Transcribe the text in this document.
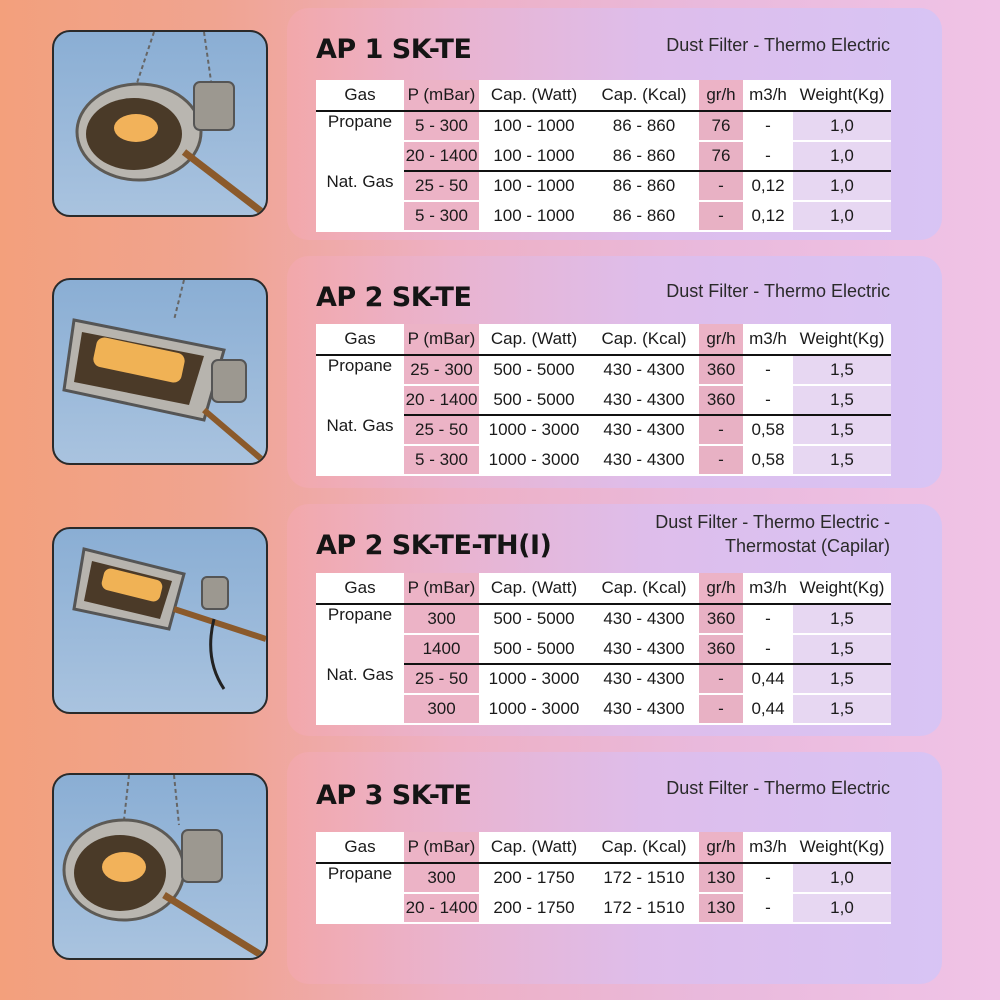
AP 1 SK-TE	Dust Filter - Thermo Electric
Gas	P (mBar)	Cap. (Watt)	Cap. (Kcal)	gr/h	m3/h	Weight(Kg)
Propane	5 - 300	100 - 1000	86 - 860	76	-	1,0
	20 - 1400	100 - 1000	86 - 860	76	-	1,0
Nat. Gas	25 - 50	100 - 1000	86 - 860	-	0,12	1,0
	5 - 300	100 - 1000	86 - 860	-	0,12	1,0
AP 2 SK-TE	Dust Filter - Thermo Electric
Gas	P (mBar)	Cap. (Watt)	Cap. (Kcal)	gr/h	m3/h	Weight(Kg)
Propane	25 - 300	500 - 5000	430 - 4300	360	-	1,5
	20 - 1400	500 - 5000	430 - 4300	360	-	1,5
Nat. Gas	25 - 50	1000 - 3000	430 - 4300	-	0,58	1,5
	5 - 300	1000 - 3000	430 - 4300	-	0,58	1,5
AP 2 SK-TE-TH(I)
Dust Filter - Thermo Electric -
Thermostat (Capilar)
Gas	P (mBar)	Cap. (Watt)	Cap. (Kcal)	gr/h	m3/h	Weight(Kg)
Propane	300	500 - 5000	430 - 4300	360	-	1,5
	1400	500 - 5000	430 - 4300	360	-	1,5
Nat. Gas	25 - 50	1000 - 3000	430 - 4300	-	0,44	1,5
	300	1000 - 3000	430 - 4300	-	0,44	1,5
AP 3 SK-TE	Dust Filter - Thermo Electric
Gas	P (mBar)	Cap. (Watt)	Cap. (Kcal)	gr/h	m3/h	Weight(Kg)
Propane	300	200 - 1750	172 - 1510	130	-	1,0
	20 - 1400	200 - 1750	172 - 1510	130	-	1,0
